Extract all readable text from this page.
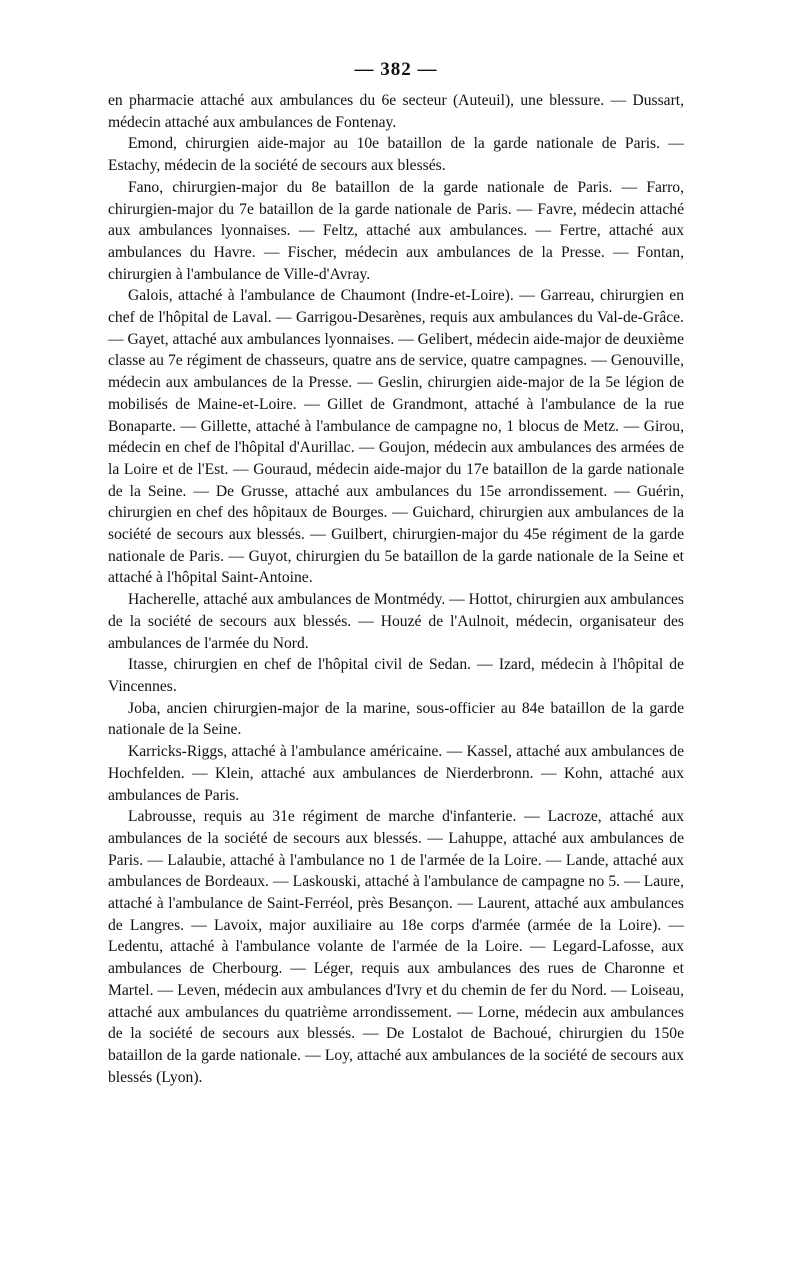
— 382 —

en pharmacie attaché aux ambulances du 6e secteur (Auteuil), une blessure. — Dussart, médecin attaché aux ambulances de Fontenay.

Emond, chirurgien aide-major au 10e bataillon de la garde nationale de Paris. — Estachy, médecin de la société de secours aux blessés.

Fano, chirurgien-major du 8e bataillon de la garde nationale de Paris. — Farro, chirurgien-major du 7e bataillon de la garde nationale de Paris. — Favre, médecin attaché aux ambulances lyonnaises. — Feltz, attaché aux ambulances. — Fertre, attaché aux ambulances du Havre. — Fischer, médecin aux ambulances de la Presse. — Fontan, chirurgien à l'ambulance de Ville-d'Avray.

Galois, attaché à l'ambulance de Chaumont (Indre-et-Loire). — Garreau, chirurgien en chef de l'hôpital de Laval. — Garrigou-Desarènes, requis aux ambulances du Val-de-Grâce. — Gayet, attaché aux ambulances lyonnaises. — Gelibert, médecin aide-major de deuxième classe au 7e régiment de chasseurs, quatre ans de service, quatre campagnes. — Genouville, médecin aux ambulances de la Presse. — Geslin, chirurgien aide-major de la 5e légion de mobilisés de Maine-et-Loire. — Gillet de Grandmont, attaché à l'ambulance de la rue Bonaparte. — Gillette, attaché à l'ambulance de campagne no, 1 blocus de Metz. — Girou, médecin en chef de l'hôpital d'Aurillac. — Goujon, médecin aux ambulances des armées de la Loire et de l'Est. — Gouraud, médecin aide-major du 17e bataillon de la garde nationale de la Seine. — De Grusse, attaché aux ambulances du 15e arrondissement. — Guérin, chirurgien en chef des hôpitaux de Bourges. — Guichard, chirurgien aux ambulances de la société de secours aux blessés. — Guilbert, chirurgien-major du 45e régiment de la garde nationale de Paris. — Guyot, chirurgien du 5e bataillon de la garde nationale de la Seine et attaché à l'hôpital Saint-Antoine.

Hacherelle, attaché aux ambulances de Montmédy. — Hottot, chirurgien aux ambulances de la société de secours aux blessés. — Houzé de l'Aulnoit, médecin, organisateur des ambulances de l'armée du Nord.

Itasse, chirurgien en chef de l'hôpital civil de Sedan. — Izard, médecin à l'hôpital de Vincennes.

Joba, ancien chirurgien-major de la marine, sous-officier au 84e bataillon de la garde nationale de la Seine.

Karricks-Riggs, attaché à l'ambulance américaine. — Kassel, attaché aux ambulances de Hochfelden. — Klein, attaché aux ambulances de Nierderbronn. — Kohn, attaché aux ambulances de Paris.

Labrousse, requis au 31e régiment de marche d'infanterie. — Lacroze, attaché aux ambulances de la société de secours aux blessés. — Lahuppe, attaché aux ambulances de Paris. — Lalaubie, attaché à l'ambulance no 1 de l'armée de la Loire. — Lande, attaché aux ambulances de Bordeaux. — Laskouski, attaché à l'ambulance de campagne no 5. — Laure, attaché à l'ambulance de Saint-Ferréol, près Besançon. — Laurent, attaché aux ambulances de Langres. — Lavoix, major auxiliaire au 18e corps d'armée (armée de la Loire). — Ledentu, attaché à l'ambulance volante de l'armée de la Loire. — Legard-Lafosse, aux ambulances de Cherbourg. — Léger, requis aux ambulances des rues de Charonne et Martel. — Leven, médecin aux ambulances d'Ivry et du chemin de fer du Nord. — Loiseau, attaché aux ambulances du quatrième arrondissement. — Lorne, médecin aux ambulances de la société de secours aux blessés. — De Lostalot de Bachoué, chirurgien du 150e bataillon de la garde nationale. — Loy, attaché aux ambulances de la société de secours aux blessés (Lyon).
